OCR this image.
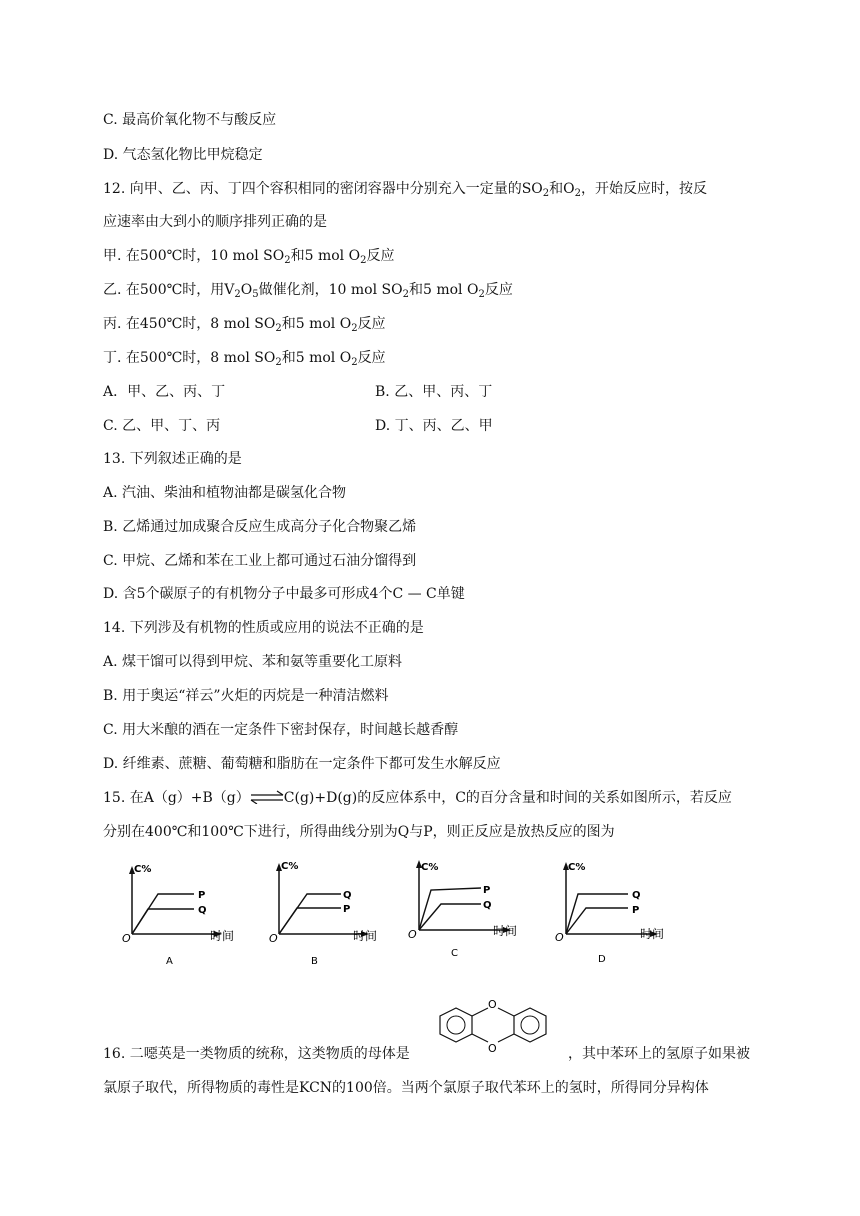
C. 最高价氧化物不与酸反应
D. 气态氢化物比甲烷稳定
12. 向甲、乙、丙、丁四个容积相同的密闭容器中分别充入一定量的$SO_2$和$O_2$，开始反应时，按反
应速率由大到小的顺序排列正确的是
甲. 在500℃时，10 mol $SO_2$和5 mol $O_2$反应
乙. 在500℃时，用$V_2O_5$做催化剂，10 mol $SO_2$和5 mol $O_2$反应
丙. 在450℃时，8 mol $SO_2$和5 mol $O_2$反应
丁. 在500℃时，8 mol $SO_2$和5 mol $O_2$反应
A．甲、乙、丙、丁	B. 乙、甲、丙、丁
C. 乙、甲、丁、丙	D. 丁、丙、乙、甲
13. 下列叙述正确的是
A. 汽油、柴油和植物油都是碳氢化合物
B. 乙烯通过加成聚合反应生成高分子化合物聚乙烯
C. 甲烷、乙烯和苯在工业上都可通过石油分馏得到
D. 含5个碳原子的有机物分子中最多可形成4个C — C单键
14. 下列涉及有机物的性质或应用的说法不正确的是
A. 煤干馏可以得到甲烷、苯和氨等重要化工原料
B. 用于奥运“祥云”火炬的丙烷是一种清洁燃料
C. 用大米酿的酒在一定条件下密封保存，时间越长越香醇
D. 纤维素、蔗糖、葡萄糖和脂肪在一定条件下都可发生水解反应
15. 在A（g）+B（g）⇌C(g)+D(g)的反应体系中，C的百分含量和时间的关系如图所示，若反应
分别在400℃和100℃下进行，所得曲线分别为Q与P，则正反应是放热反应的图为
C%
P
Q
O	时间
A
C%
Q
P
O	时间
B
C%
P
Q
O	时间
C
C%
Q
P
O	时间
D
16. 二噁英是一类物质的统称，这类物质的母体是	，其中苯环上的氢原子如果被
O
O
氯原子取代，所得物质的毒性是KCN的100倍。当两个氯原子取代苯环上的氢时，所得同分异构体
